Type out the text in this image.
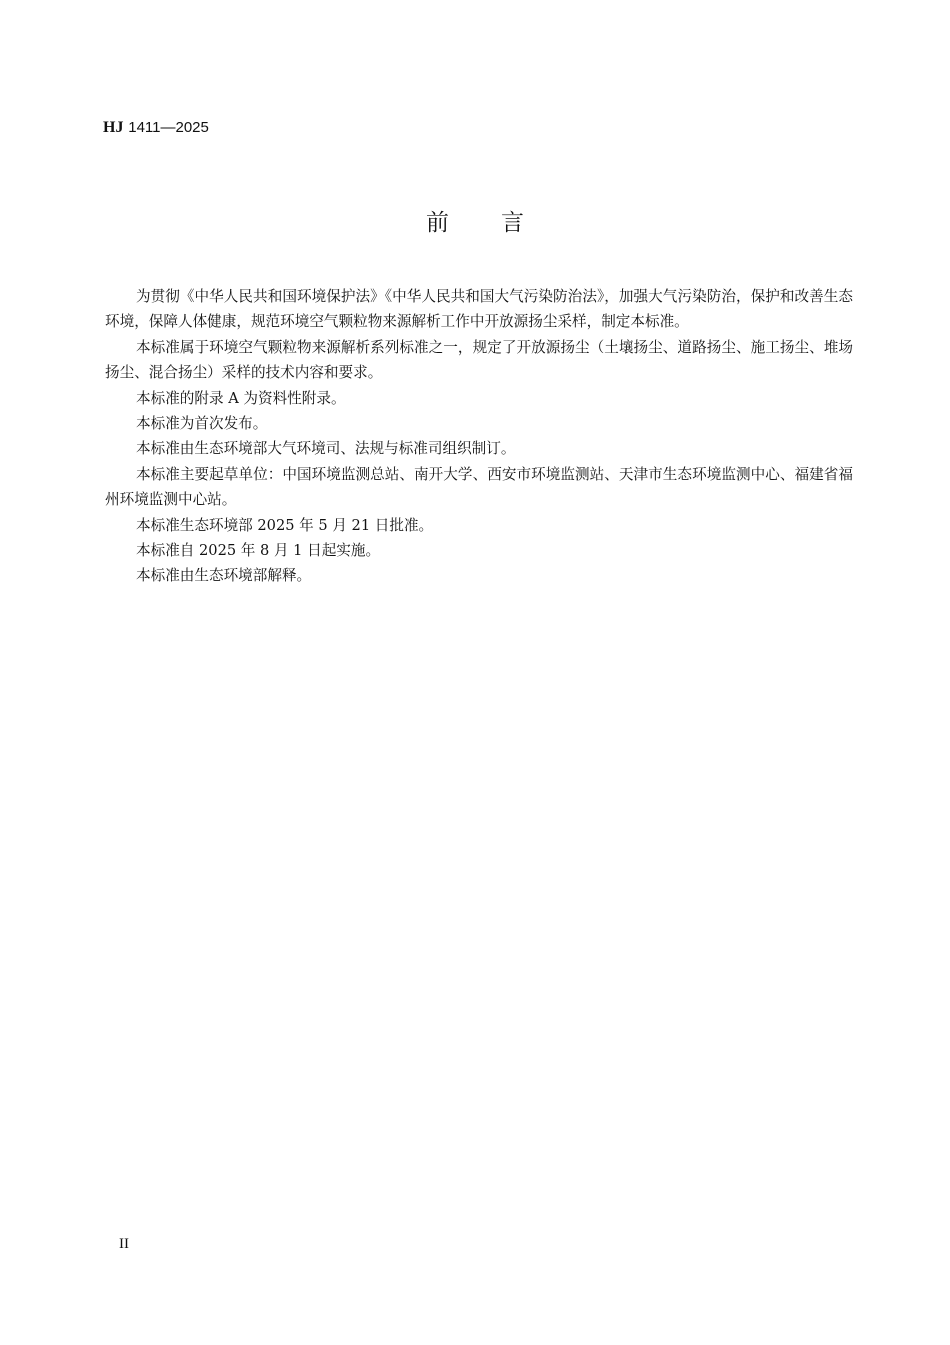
HJ 1411—2025
前言

为贯彻《中华人民共和国环境保护法》《中华人民共和国大气污染防治法》，加强大气污染防治，保护和改善生态环境，保障人体健康，规范环境空气颗粒物来源解析工作中开放源扬尘采样，制定本标准。

本标准属于环境空气颗粒物来源解析系列标准之一，规定了开放源扬尘（土壤扬尘、道路扬尘、施工扬尘、堆场扬尘、混合扬尘）采样的技术内容和要求。

本标准的附录 A 为资料性附录。

本标准为首次发布。

本标准由生态环境部大气环境司、法规与标准司组织制订。

本标准主要起草单位：中国环境监测总站、南开大学、西安市环境监测站、天津市生态环境监测中心、福建省福州环境监测中心站。

本标准生态环境部 2025 年 5 月 21 日批准。

本标准自 2025 年 8 月 1 日起实施。

本标准由生态环境部解释。

II
